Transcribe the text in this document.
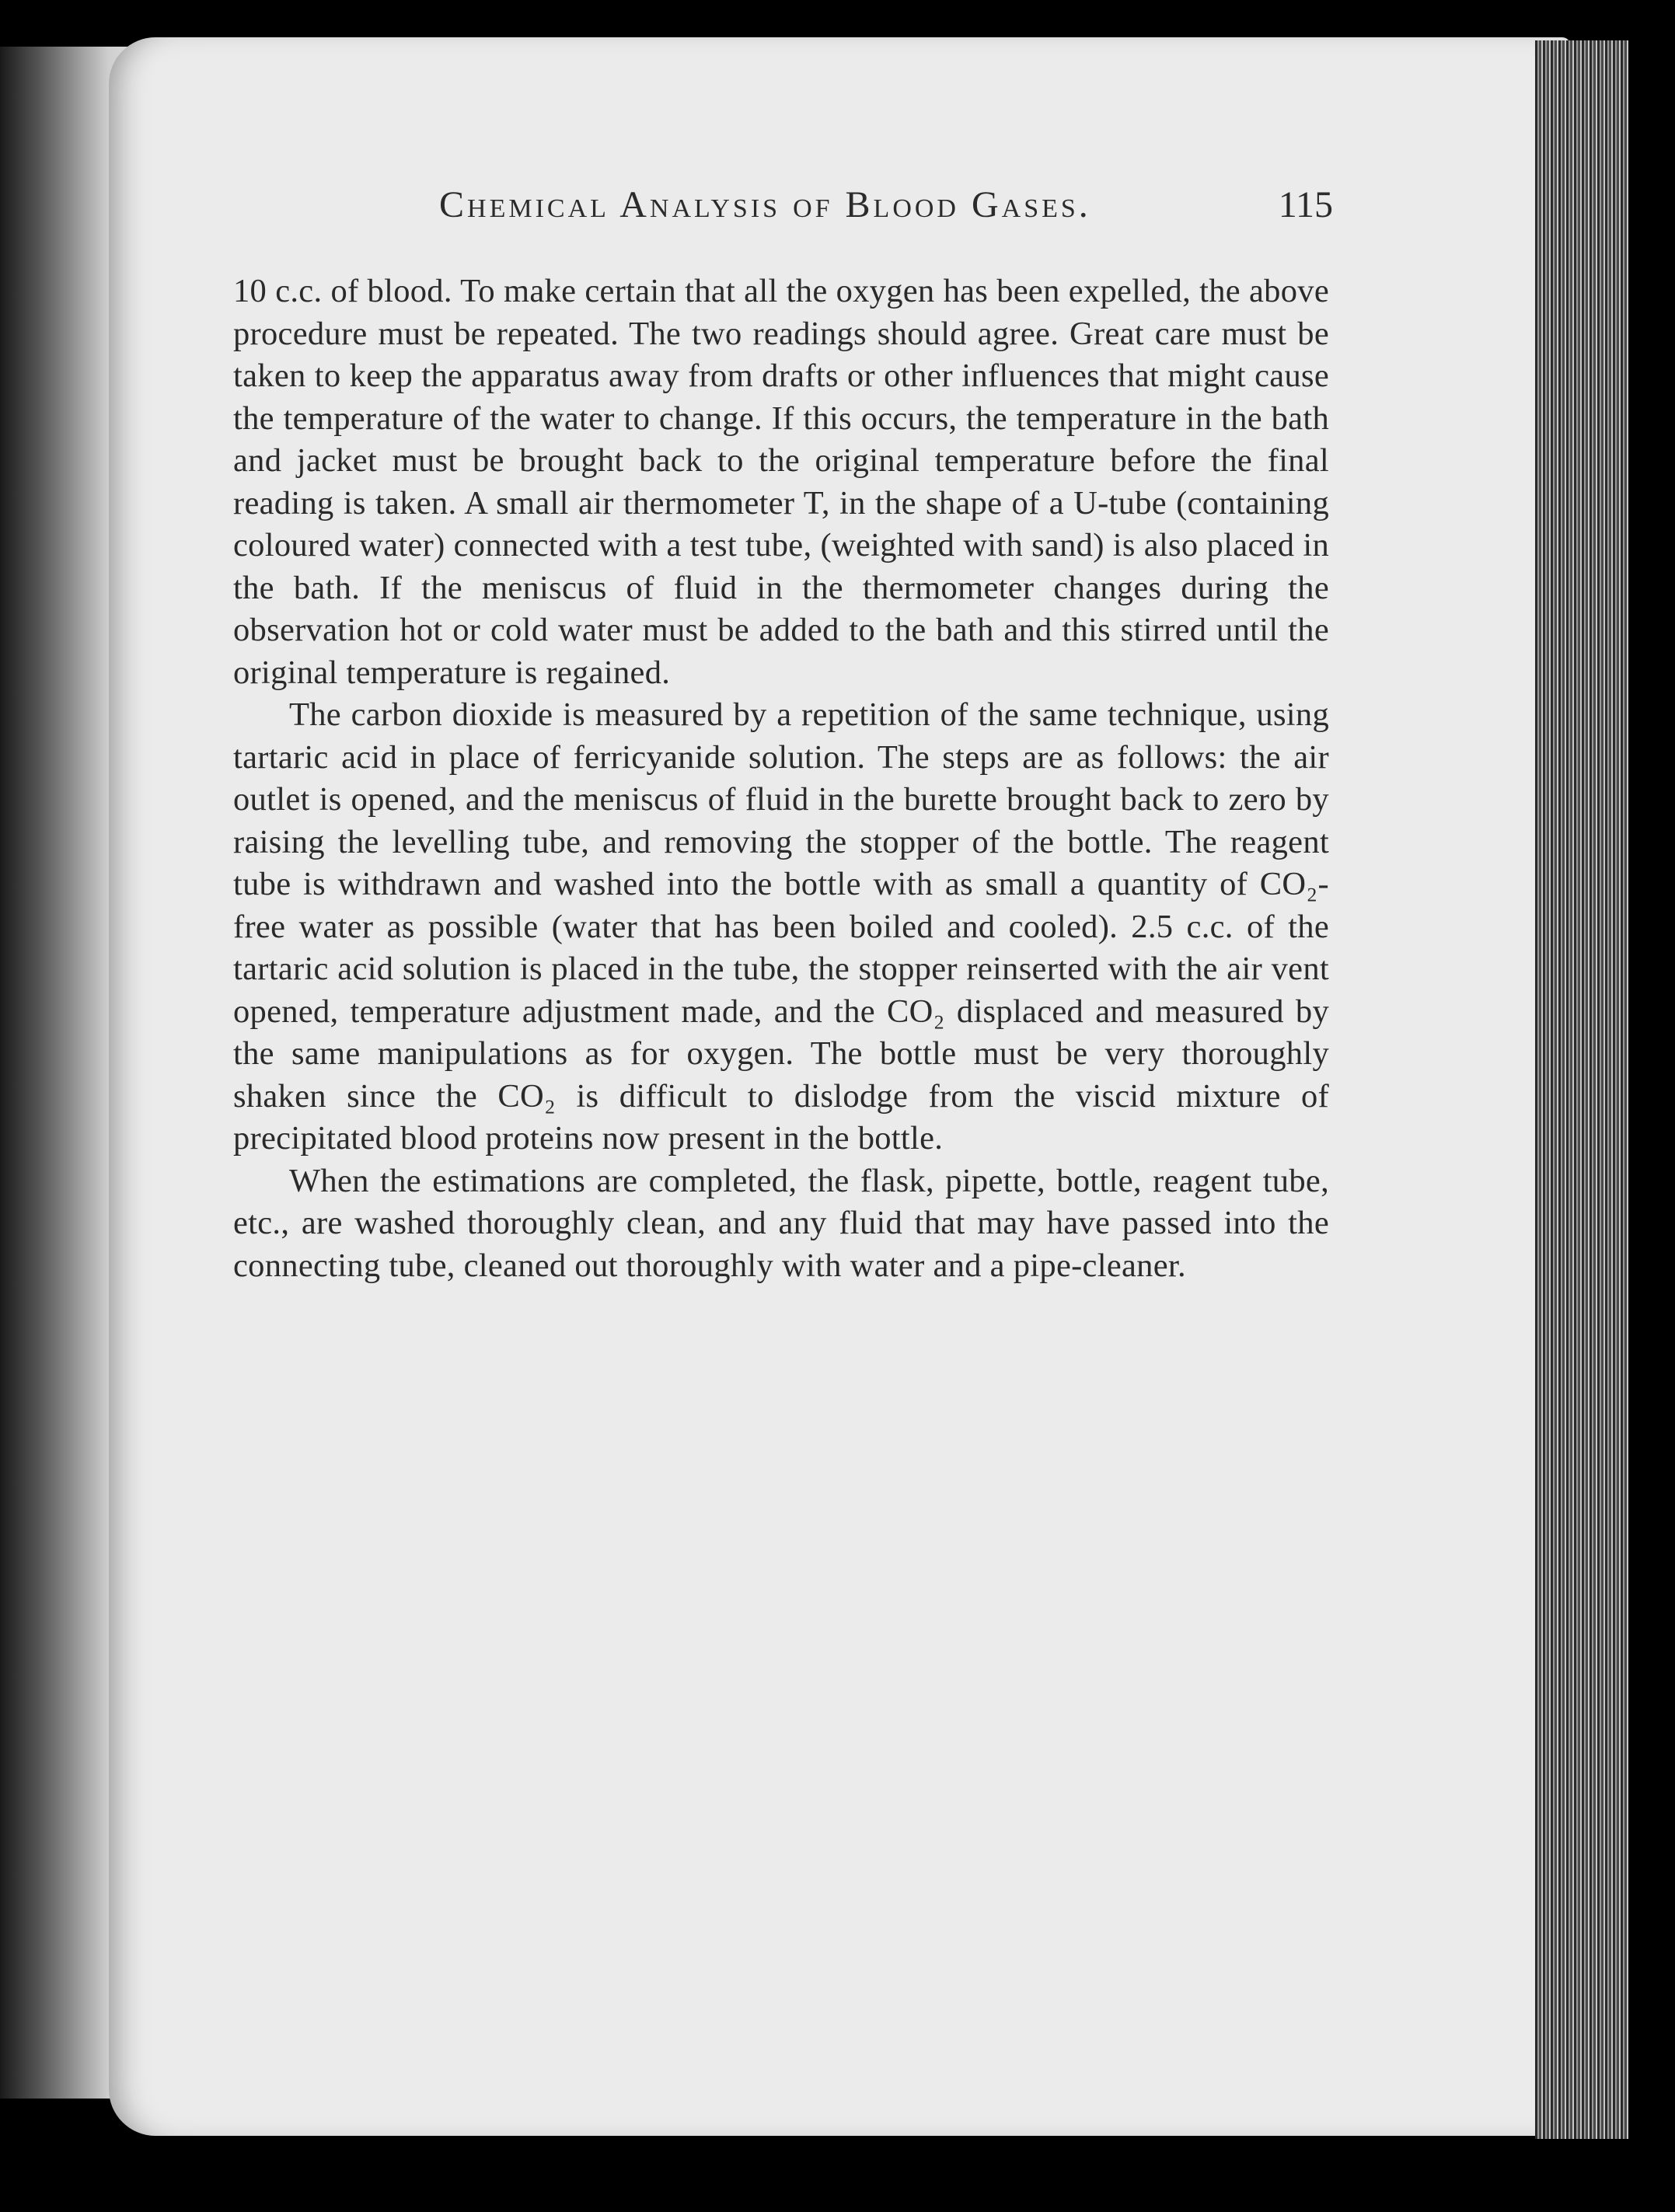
Chemical Analysis of Blood Gases.	115

10 c.c. of blood. To make certain that all the oxygen has been expelled, the above procedure must be repeated. The two readings should agree. Great care must be taken to keep the apparatus away from drafts or other influences that might cause the temperature of the water to change. If this occurs, the temperature in the bath and jacket must be brought back to the original temperature before the final reading is taken. A small air thermometer T, in the shape of a U-tube (containing coloured water) connected with a test tube, (weighted with sand) is also placed in the bath. If the meniscus of fluid in the thermometer changes during the observation hot or cold water must be added to the bath and this stirred until the original temperature is regained.

The carbon dioxide is measured by a repetition of the same technique, using tartaric acid in place of ferricyanide solution. The steps are as follows: the air outlet is opened, and the meniscus of fluid in the burette brought back to zero by raising the levelling tube, and removing the stopper of the bottle. The reagent tube is withdrawn and washed into the bottle with as small a quantity of CO₂-free water as possible (water that has been boiled and cooled). 2.5 c.c. of the tartaric acid solution is placed in the tube, the stopper reinserted with the air vent opened, temperature adjustment made, and the CO₂ displaced and measured by the same manipulations as for oxygen. The bottle must be very thoroughly shaken since the CO₂ is difficult to dislodge from the viscid mixture of precipitated blood proteins now present in the bottle.

When the estimations are completed, the flask, pipette, bottle, reagent tube, etc., are washed thoroughly clean, and any fluid that may have passed into the connecting tube, cleaned out thoroughly with water and a pipe-cleaner.
